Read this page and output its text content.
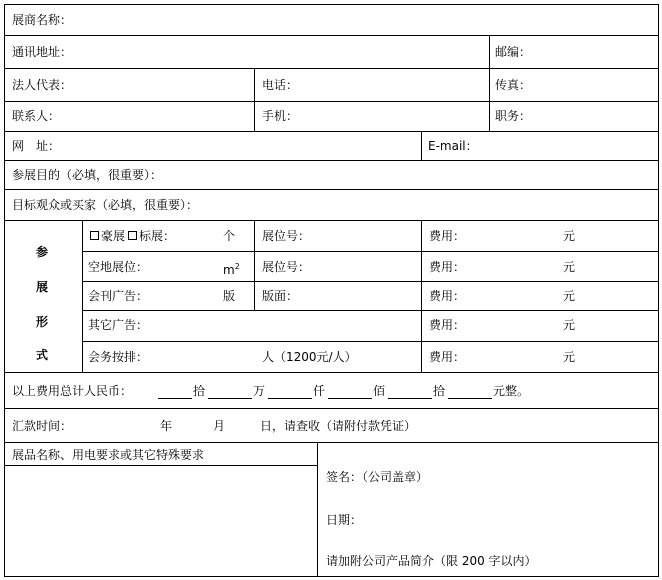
展商名称：
通讯地址：	邮编：
法人代表：	电话：	传真：
联系人：	手机：	职务：
网　址：	E-mail：
参展目的（必填，很重要）：
目标观众或买家（必填，很重要）：
参
展
形
式
豪展 标展：	个 展位号：	费用：	元
空地展位：	$m^2$ 展位号：	费用：	元
会刊广告：	版 版面：	费用：	元
其它广告：	费用：	元
会务按排：	人（1200元/人）	费用：	元
以上费用总计人民币：	拾	万	仟	佰	拾	元整。
汇款时间：	年	月	日，请查收（请附付款凭证）
展品名称、用电要求或其它特殊要求
签名：（公司盖章）
日期：
请加附公司产品简介（限 200 字以内）
